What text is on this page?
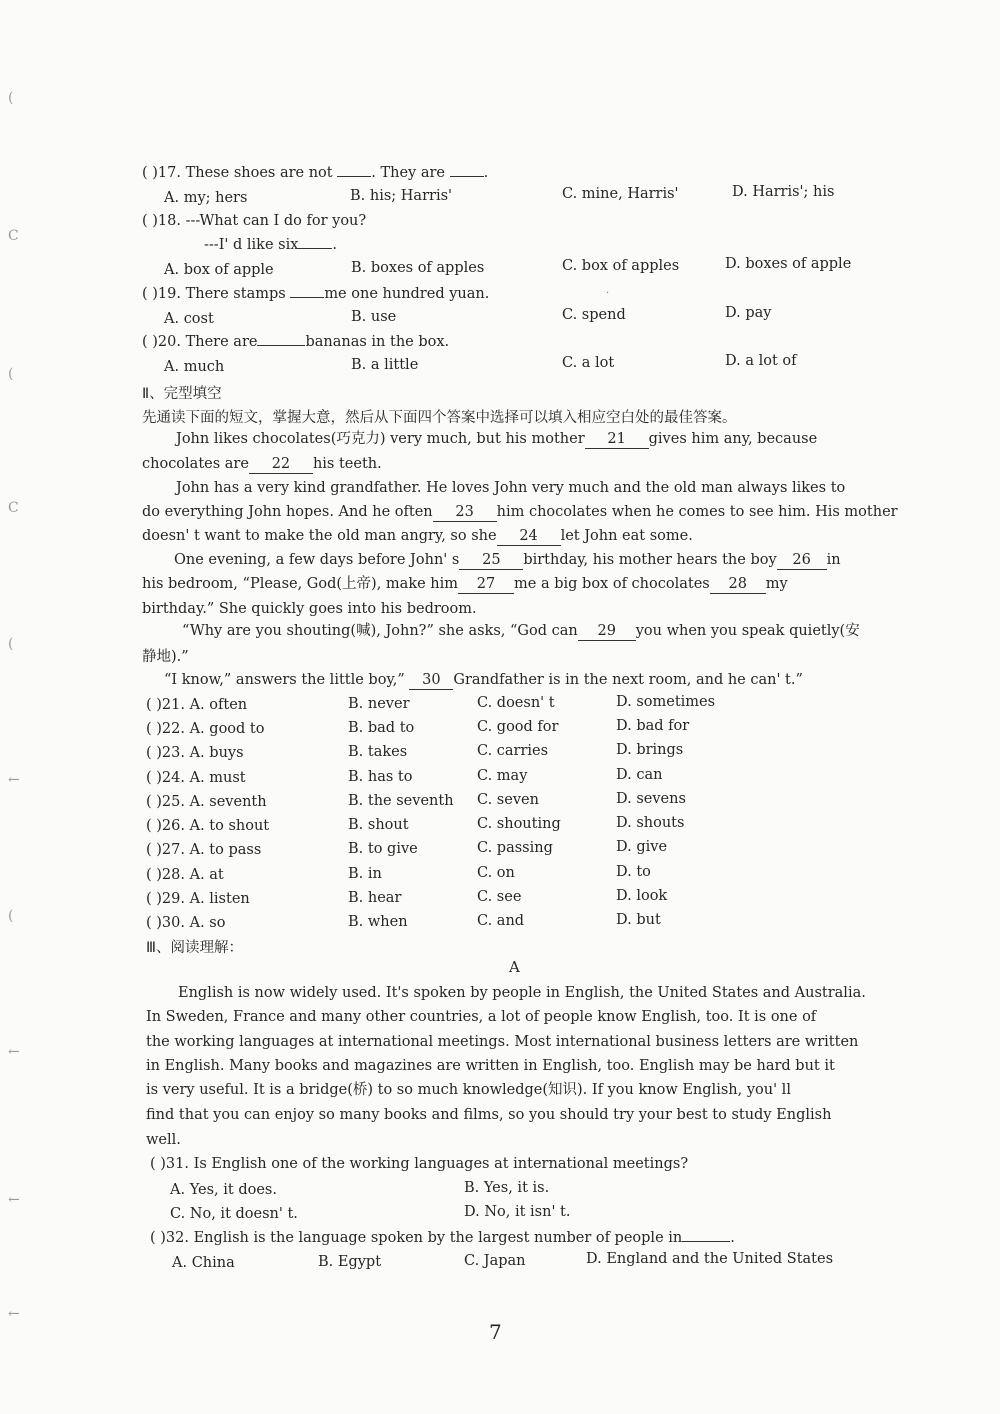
(
C
(
C
(
←
(
←
←
←
( )17. These shoes are not	. They are	.
A. my; hers	B. his; Harris'	C. mine, Harris'	D. Harris'; his
( )18. ---What can I do for you?
---I' d like six .
A. box of apple	B. boxes of apples	C. box of apples	D. boxes of apple
·
( )19. There stamps	me one hundred yuan.
A. cost	B. use	C. spend	D. pay
( )20. There are	bananas in the box.
A. much	B. a little	C. a lot	D. a lot of
Ⅱ、完型填空
先通读下面的短文，掌握大意，然后从下面四个答案中选择可以填入相应空白处的最佳答案。
John likes chocolates(巧克力) very much, but his mother 21 gives him any, because
chocolates are 22 his teeth.
John has a very kind grandfather. He loves John very much and the old man always likes to
do everything John hopes. And he often 23 him chocolates when he comes to see him. His mother
doesn' t want to make the old man angry, so she 24 let John eat some.
One evening, a few days before John' s 25 birthday, his mother hears the boy 26 in
his bedroom, “Please, God(上帝), make him 27 me a big box of chocolates 28 my
birthday.” She quickly goes into his bedroom.
“Why are you shouting(喊), John?” she asks, “God can 29 you when you speak quietly(安
静地).”
“I know,” answers the little boy,” 30 Grandfather is in the next room, and he can' t.”
( )21. A. often	B. never	C. doesn' t	D. sometimes
( )22. A. good to	B. bad to	C. good for	D. bad for
( )23. A. buys	B. takes	C. carries	D. brings
( )24. A. must	B. has to	C. may	D. can
( )25. A. seventh	B. the seventh C. seven	D. sevens
( )26. A. to shout	B. shout	C. shouting	D. shouts
( )27. A. to pass	B. to give	C. passing	D. give
( )28. A. at	B. in	C. on	D. to
( )29. A. listen	B. hear	C. see	D. look
( )30. A. so	B. when	C. and	D. but
Ⅲ、阅读理解：
A
English is now widely used. It's spoken by people in English, the United States and Australia.
In Sweden, France and many other countries, a lot of people know English, too. It is one of
the working languages at international meetings. Most international business letters are written
in English. Many books and magazines are written in English, too. English may be hard but it
is very useful. It is a bridge(桥) to so much knowledge(知识). If you know English, you' ll
find that you can enjoy so many books and films, so you should try your best to study English
well.
( )31. Is English one of the working languages at international meetings?
A. Yes, it does.	B. Yes, it is.
C. No, it doesn' t.	D. No, it isn' t.
( )32. English is the language spoken by the largest number of people in	.
A. China	B. Egypt	C. Japan	D. England and the United States
7
